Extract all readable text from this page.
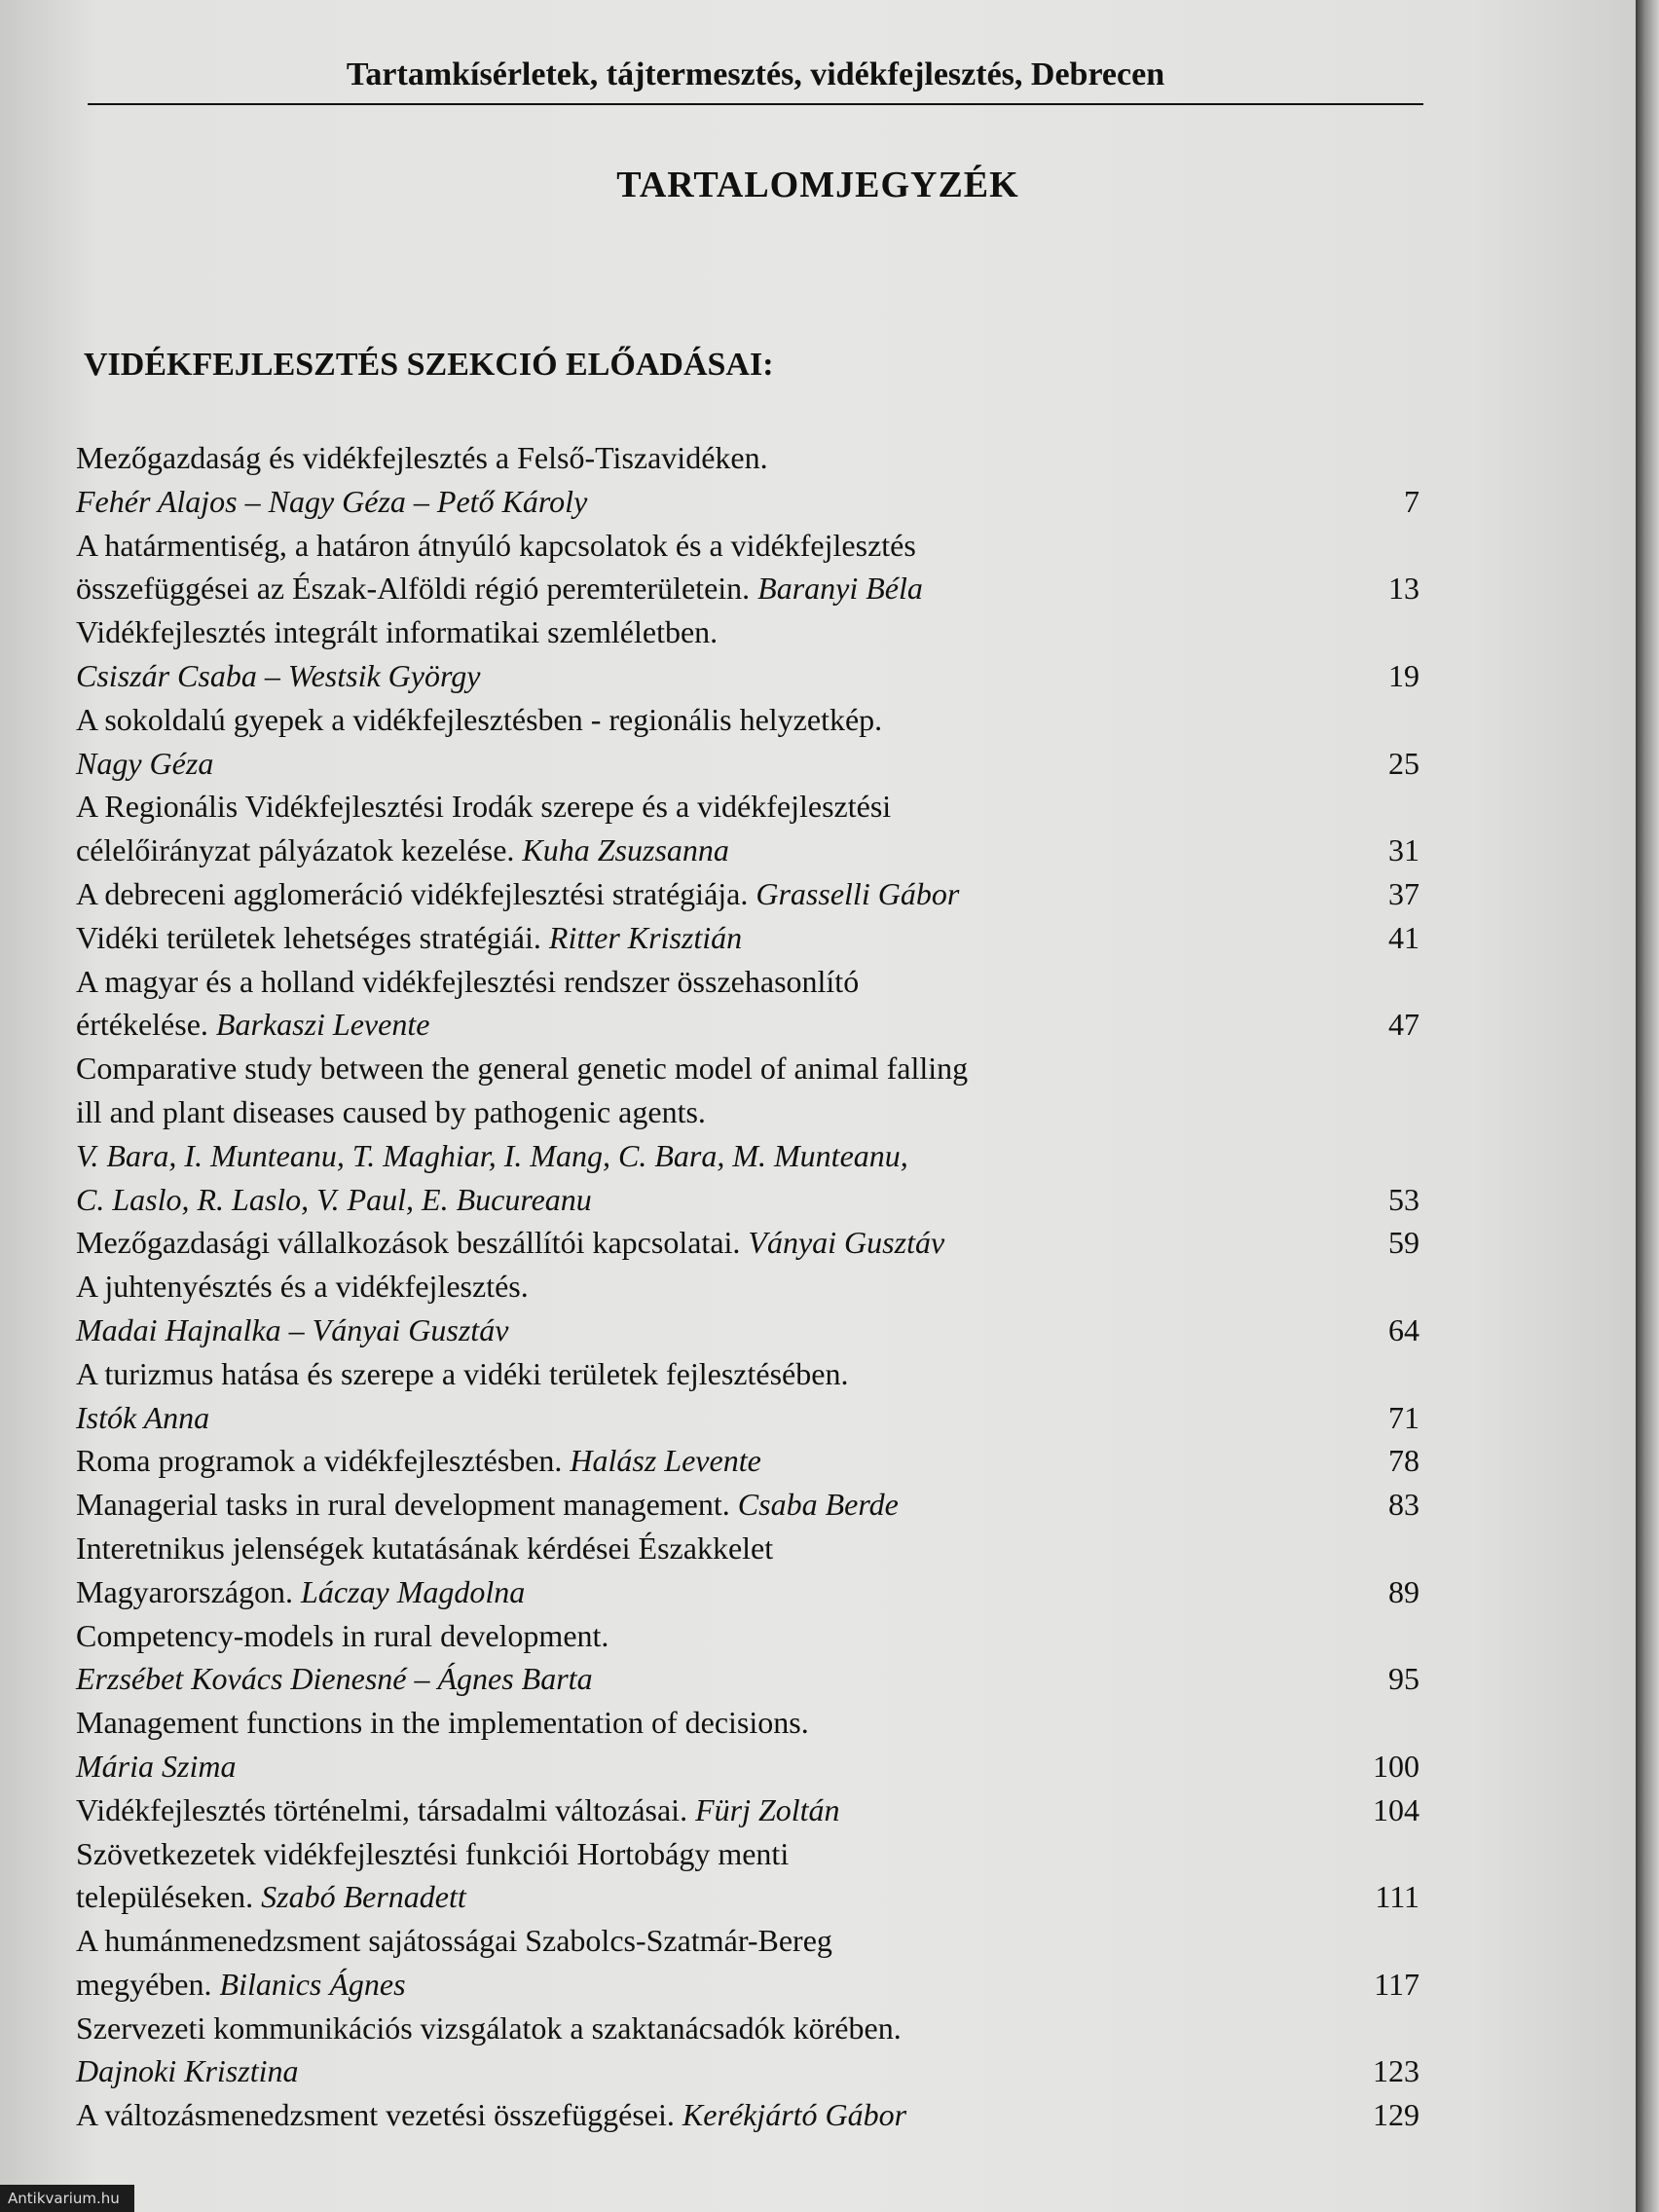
Tartamkísérletek, tájtermesztés, vidékfejlesztés, Debrecen
TARTALOMJEGYZÉK
VIDÉKFEJLESZTÉS SZEKCIÓ ELŐADÁSAI:
Mezőgazdaság és vidékfejlesztés a Felső-Tiszavidéken.
Fehér Alajos – Nagy Géza – Pető Károly	7
A határmentiség, a határon átnyúló kapcsolatok és a vidékfejlesztés
összefüggései az Észak-Alföldi régió peremterületein. Baranyi Béla	13
Vidékfejlesztés integrált informatikai szemléletben.
Csiszár Csaba – Westsik György	19
A sokoldalú gyepek a vidékfejlesztésben - regionális helyzetkép.
Nagy Géza	25
A Regionális Vidékfejlesztési Irodák szerepe és a vidékfejlesztési
célelőirányzat pályázatok kezelése. Kuha Zsuzsanna	31
A debreceni agglomeráció vidékfejlesztési stratégiája. Grasselli Gábor	37
Vidéki területek lehetséges stratégiái. Ritter Krisztián	41
A magyar és a holland vidékfejlesztési rendszer összehasonlító
értékelése. Barkaszi Levente	47
Comparative study between the general genetic model of animal falling
ill and plant diseases caused by pathogenic agents.
V. Bara, I. Munteanu, T. Maghiar, I. Mang, C. Bara, M. Munteanu,
C. Laslo, R. Laslo, V. Paul, E. Bucureanu	53
Mezőgazdasági vállalkozások beszállítói kapcsolatai. Ványai Gusztáv	59
A juhtenyésztés és a vidékfejlesztés.
Madai Hajnalka – Ványai Gusztáv	64
A turizmus hatása és szerepe a vidéki területek fejlesztésében.
Istók Anna	71
Roma programok a vidékfejlesztésben. Halász Levente	78
Managerial tasks in rural development management. Csaba Berde	83
Interetnikus jelenségek kutatásának kérdései Északkelet
Magyarországon. Láczay Magdolna	89
Competency-models in rural development.
Erzsébet Kovács Dienesné – Ágnes Barta	95
Management functions in the implementation of decisions.
Mária Szima	100
Vidékfejlesztés történelmi, társadalmi változásai. Fürj Zoltán	104
Szövetkezetek vidékfejlesztési funkciói Hortobágy menti
településeken. Szabó Bernadett	111
A humánmenedzsment sajátosságai Szabolcs-Szatmár-Bereg
megyében. Bilanics Ágnes	117
Szervezeti kommunikációs vizsgálatok a szaktanácsadók körében.
Dajnoki Krisztina	123
A változásmenedzsment vezetési összefüggései. Kerékjártó Gábor	129
Antikvarium.hu
